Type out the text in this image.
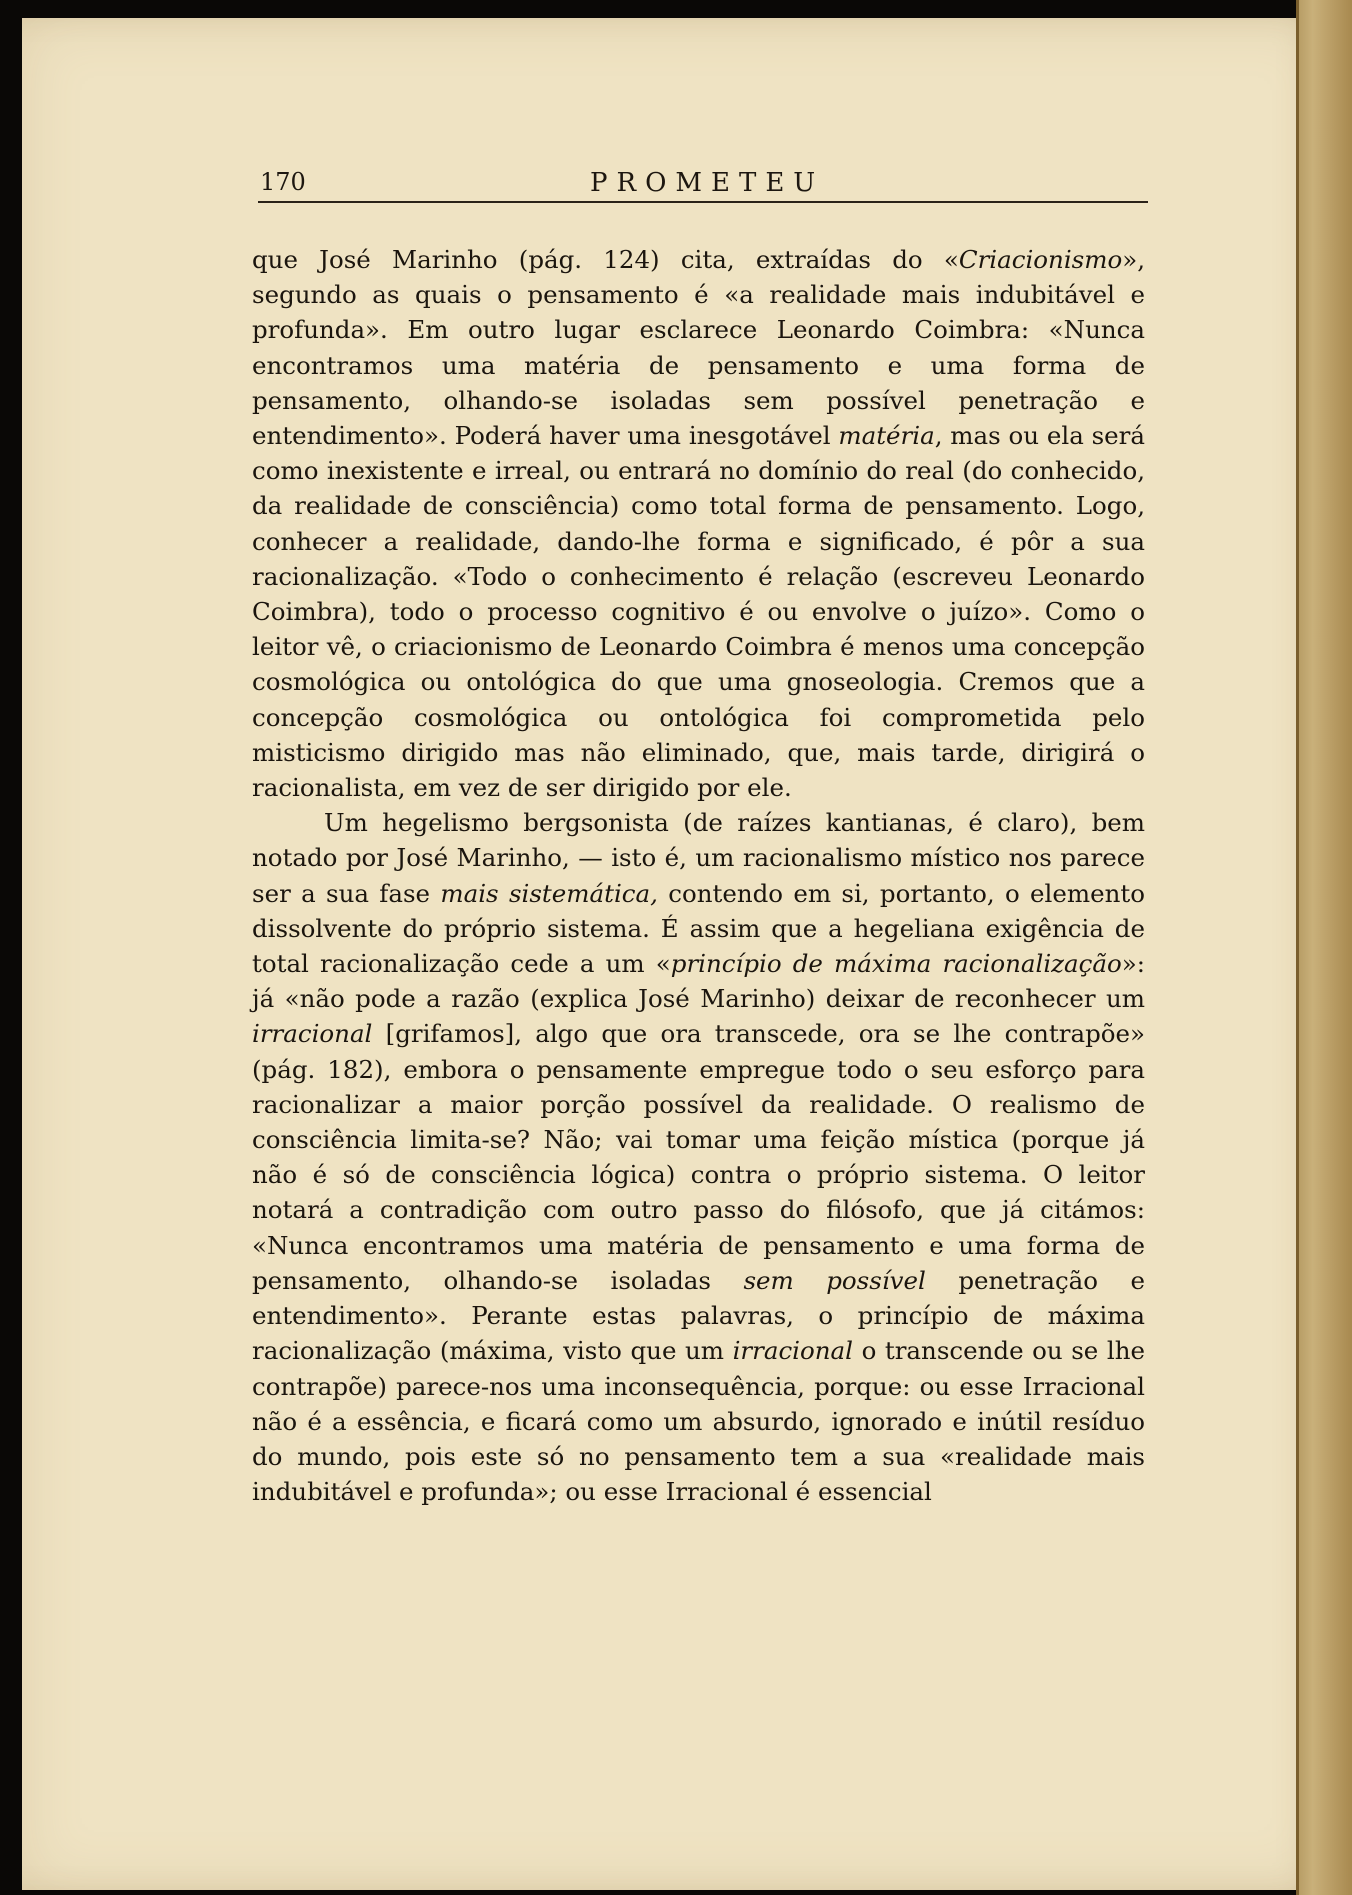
170	PROMETEU

que José Marinho (pág. 124) cita, extraídas do «Criacionismo», segundo as quais o pensamento é «a realidade mais indubitável e profunda». Em outro lugar esclarece Leonardo Coimbra: «Nunca encontramos uma matéria de pensamento e uma forma de pensamento, olhando-se isoladas sem possível penetração e entendimento». Poderá haver uma inesgotável matéria, mas ou ela será como inexistente e irreal, ou entrará no domínio do real (do conhecido, da realidade de consciência) como total forma de pensamento. Logo, conhecer a realidade, dando-lhe forma e significado, é pôr a sua racionalização. «Todo o conhecimento é relação (escreveu Leonardo Coimbra), todo o processo cognitivo é ou envolve o juízo». Como o leitor vê, o criacionismo de Leonardo Coimbra é menos uma concepção cosmológica ou ontológica do que uma gnoseologia. Cremos que a concepção cosmológica ou ontológica foi comprometida pelo misticismo dirigido mas não eliminado, que, mais tarde, dirigirá o racionalista, em vez de ser dirigido por ele.

Um hegelismo bergsonista (de raízes kantianas, é claro), bem notado por José Marinho, — isto é, um racionalismo místico nos parece ser a sua fase mais sistemática, contendo em si, portanto, o elemento dissolvente do próprio sistema. É assim que a hegeliana exigência de total racionalização cede a um «princípio de máxima racionalização»: já «não pode a razão (explica José Marinho) deixar de reconhecer um irracional [grifamos], algo que ora transcede, ora se lhe contrapõe» (pág. 182), embora o pensamente empregue todo o seu esforço para racionalizar a maior porção possível da realidade. O realismo de consciência limita-se? Não; vai tomar uma feição mística (porque já não é só de consciência lógica) contra o próprio sistema. O leitor notará a contradição com outro passo do filósofo, que já citámos: «Nunca encontramos uma matéria de pensamento e uma forma de pensamento, olhando-se isoladas sem possível penetração e entendimento». Perante estas palavras, o princípio de máxima racionalização (máxima, visto que um irracional o transcende ou se lhe contrapõe) parece-nos uma inconsequência, porque: ou esse Irracional não é a essência, e ficará como um absurdo, ignorado e inútil resíduo do mundo, pois este só no pensamento tem a sua «realidade mais indubitável e profunda»; ou esse Irracional é essencial
